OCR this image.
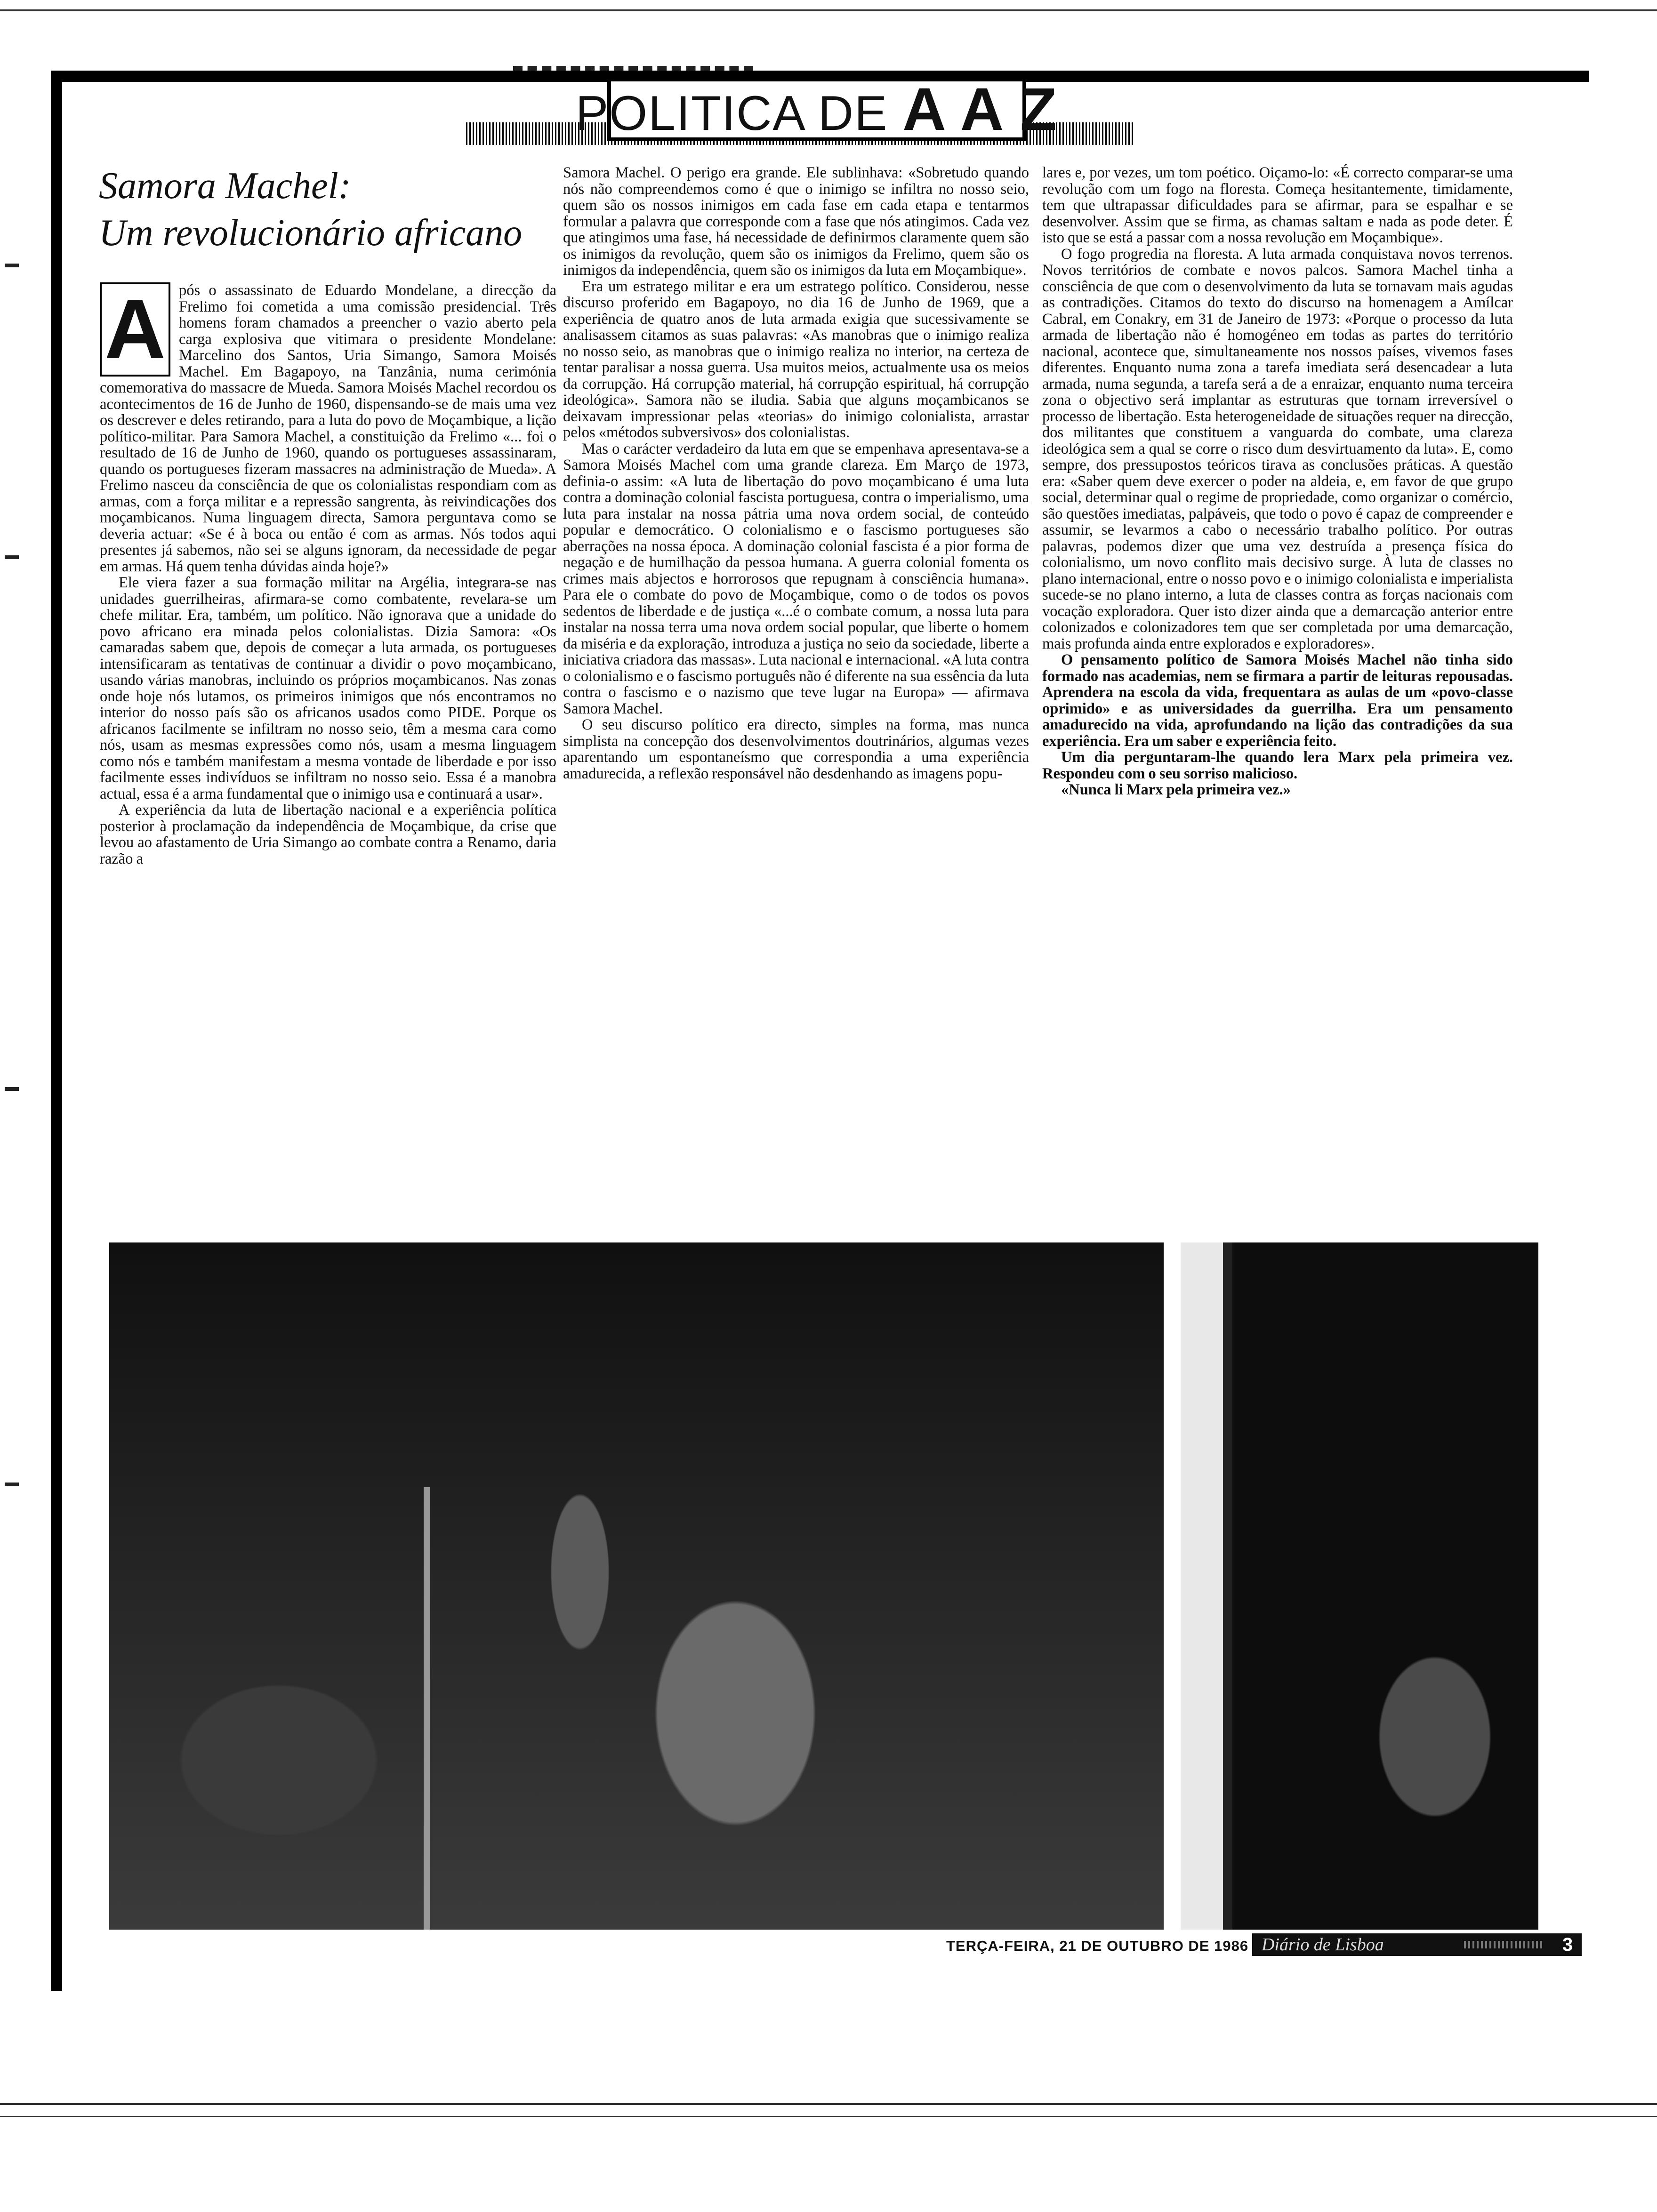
POLITICA DE A A Z
Samora Machel:
Um revolucionário africano
A pós o assassinato de Eduardo Mondelane, a direcção da Frelimo foi cometida a uma comissão presidencial. Três homens foram chamados a preencher o vazio aberto pela carga explosiva que vitimara o presidente Mondelane: Marcelino dos Santos, Uria Simango, Samora Moisés Machel. Em Bagapoyo, na Tanzânia, numa cerimónia comemorativa do massacre de Mueda. Samora Moisés Machel recordou os acontecimentos de 16 de Junho de 1960, dispensando-se de mais uma vez os descrever e deles retirando, para a luta do povo de Moçambique, a lição político-militar. Para Samora Machel, a constituição da Frelimo «... foi o resultado de 16 de Junho de 1960, quando os portugueses assassinaram, quando os portugueses fizeram massacres na administração de Mueda». A Frelimo nasceu da consciência de que os colonialistas respondiam com as armas, com a força militar e a repressão sangrenta, às reivindicações dos moçambicanos. Numa linguagem directa, Samora perguntava como se deveria actuar: «Se é à boca ou então é com as armas. Nós todos aqui presentes já sabemos, não sei se alguns ignoram, da necessidade de pegar em armas. Há quem tenha dúvidas ainda hoje?»

Ele viera fazer a sua formação militar na Argélia, integrara-se nas unidades guerrilheiras, afirmara-se como combatente, revelara-se um chefe militar. Era, também, um político. Não ignorava que a unidade do povo africano era minada pelos colonialistas. Dizia Samora: «Os camaradas sabem que, depois de começar a luta armada, os portugueses intensificaram as tentativas de continuar a dividir o povo moçambicano, usando várias manobras, incluindo os próprios moçambicanos. Nas zonas onde hoje nós lutamos, os primeiros inimigos que nós encontramos no interior do nosso país são os africanos usados como PIDE. Porque os africanos facilmente se infiltram no nosso seio, têm a mesma cara como nós, usam as mesmas expressões como nós, usam a mesma linguagem como nós e também manifestam a mesma vontade de liberdade e por isso facilmente esses indivíduos se infiltram no nosso seio. Essa é a manobra actual, essa é a arma fundamental que o inimigo usa e continuará a usar».

A experiência da luta de libertação nacional e a experiência política posterior à proclamação da independência de Moçambique, da crise que levou ao afastamento de Uria Simango ao combate contra a Renamo, daria razão a

Samora Machel. O perigo era grande. Ele sublinhava: «Sobretudo quando nós não compreendemos como é que o inimigo se infiltra no nosso seio, quem são os nossos inimigos em cada fase em cada etapa e tentarmos formular a palavra que corresponde com a fase que nós atingimos. Cada vez que atingimos uma fase, há necessidade de definirmos claramente quem são os inimigos da revolução, quem são os inimigos da Frelimo, quem são os inimigos da independência, quem são os inimigos da luta em Moçambique».

Era um estratego militar e era um estratego político. Considerou, nesse discurso proferido em Bagapoyo, no dia 16 de Junho de 1969, que a experiência de quatro anos de luta armada exigia que sucessivamente se analisassem citamos as suas palavras: «As manobras que o inimigo realiza no nosso seio, as manobras que o inimigo realiza no interior, na certeza de tentar paralisar a nossa guerra. Usa muitos meios, actualmente usa os meios da corrupção. Há corrupção material, há corrupção espiritual, há corrupção ideológica». Samora não se iludia. Sabia que alguns moçambicanos se deixavam impressionar pelas «teorias» do inimigo colonialista, arrastar pelos «métodos subversivos» dos colonialistas.

Mas o carácter verdadeiro da luta em que se empenhava apresentava-se a Samora Moisés Machel com uma grande clareza. Em Março de 1973, definia-o assim: «A luta de libertação do povo moçambicano é uma luta contra a dominação colonial fascista portuguesa, contra o imperialismo, uma luta para instalar na nossa pátria uma nova ordem social, de conteúdo popular e democrático. O colonialismo e o fascismo portugueses são aberrações na nossa época. A dominação colonial fascista é a pior forma de negação e de humilhação da pessoa humana. A guerra colonial fomenta os crimes mais abjectos e horrorosos que repugnam à consciência humana». Para ele o combate do povo de Moçambique, como o de todos os povos sedentos de liberdade e de justiça «...é o combate comum, a nossa luta para instalar na nossa terra uma nova ordem social popular, que liberte o homem da miséria e da exploração, introduza a justiça no seio da sociedade, liberte a iniciativa criadora das massas». Luta nacional e internacional. «A luta contra o colonialismo e o fascismo português não é diferente na sua essência da luta contra o fascismo e o nazismo que teve lugar na Europa» — afirmava Samora Machel.

O seu discurso político era directo, simples na forma, mas nunca simplista na concepção dos desenvolvimentos doutrinários, algumas vezes aparentando um espontaneísmo que correspondia a uma experiência amadurecida, a reflexão responsável não desdenhando as imagens popu-

lares e, por vezes, um tom poético. Oiçamo-lo: «É correcto comparar-se uma revolução com um fogo na floresta. Começa hesitantemente, timidamente, tem que ultrapassar dificuldades para se afirmar, para se espalhar e se desenvolver. Assim que se firma, as chamas saltam e nada as pode deter. É isto que se está a passar com a nossa revolução em Moçambique».

O fogo progredia na floresta. A luta armada conquistava novos terrenos. Novos territórios de combate e novos palcos. Samora Machel tinha a consciência de que com o desenvolvimento da luta se tornavam mais agudas as contradições. Citamos do texto do discurso na homenagem a Amílcar Cabral, em Conakry, em 31 de Janeiro de 1973: «Porque o processo da luta armada de libertação não é homogéneo em todas as partes do território nacional, acontece que, simultaneamente nos nossos países, vivemos fases diferentes. Enquanto numa zona a tarefa imediata será desencadear a luta armada, numa segunda, a tarefa será a de a enraizar, enquanto numa terceira zona o objectivo será implantar as estruturas que tornam irreversível o processo de libertação. Esta heterogeneidade de situações requer na direcção, dos militantes que constituem a vanguarda do combate, uma clareza ideológica sem a qual se corre o risco dum desvirtuamento da luta». E, como sempre, dos pressupostos teóricos tirava as conclusões práticas. A questão era: «Saber quem deve exercer o poder na aldeia, e, em favor de que grupo social, determinar qual o regime de propriedade, como organizar o comércio, são questões imediatas, palpáveis, que todo o povo é capaz de compreender e assumir, se levarmos a cabo o necessário trabalho político. Por outras palavras, podemos dizer que uma vez destruída a presença física do colonialismo, um novo conflito mais decisivo surge. À luta de classes no plano internacional, entre o nosso povo e o inimigo colonialista e imperialista sucede-se no plano interno, a luta de classes contra as forças nacionais com vocação exploradora. Quer isto dizer ainda que a demarcação anterior entre colonizados e colonizadores tem que ser completada por uma demarcação, mais profunda ainda entre explorados e exploradores».

O pensamento político de Samora Moisés Machel não tinha sido formado nas academias, nem se firmara a partir de leituras repousadas. Aprendera na escola da vida, frequentara as aulas de um «povo-classe oprimido» e as universidades da guerrilha. Era um pensamento amadurecido na vida, aprofundando na lição das contradições da sua experiência. Era um saber e experiência feito.

Um dia perguntaram-lhe quando lera Marx pela primeira vez. Respondeu com o seu sorriso malicioso.

«Nunca li Marx pela primeira vez.»

TERÇA-FEIRA, 21 DE OUTUBRO DE 1986 Diário de Lisboa	3
